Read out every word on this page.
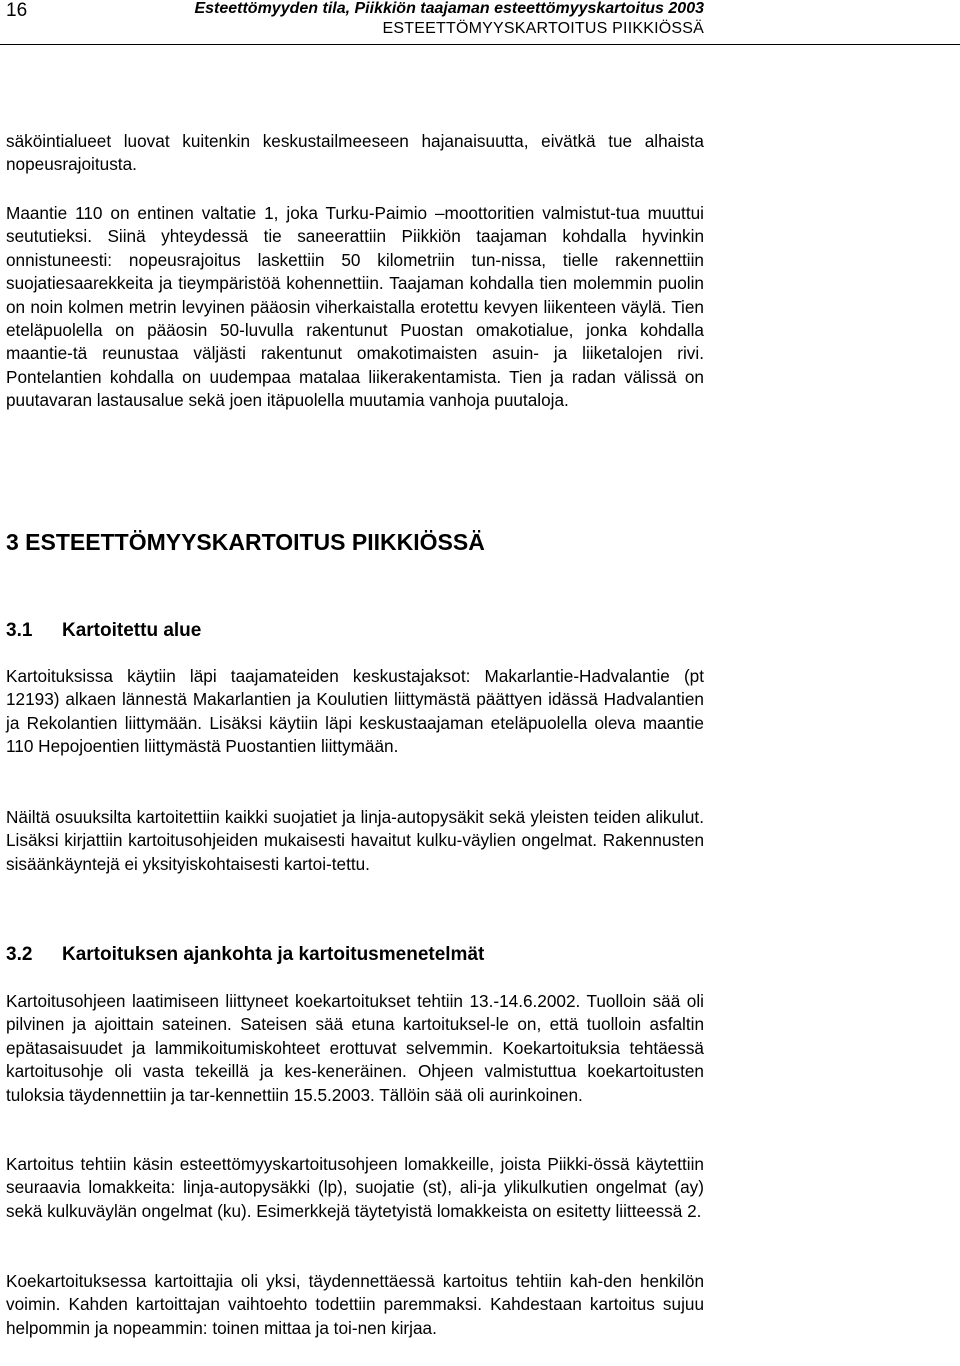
16	Esteettömyyden tila, Piikkiön taajaman esteettömyyskartoitus 2003
ESTEETTÖMYYSKARTOITUS PIIKKIÖSSÄ

säköintialueet luovat kuitenkin keskustailmeeseen hajanaisuutta, eivätkä tue alhaista nopeusrajoitusta.

Maantie 110 on entinen valtatie 1, joka Turku-Paimio –moottoritien valmistut-tua muuttui seututieksi. Siinä yhteydessä tie saneerattiin Piikkiön taajaman kohdalla hyvinkin onnistuneesti: nopeusrajoitus laskettiin 50 kilometriin tun-nissa, tielle rakennettiin suojatiesaarekkeita ja tieympäristöä kohennettiin. Taajaman kohdalla tien molemmin puolin on noin kolmen metrin levyinen pääosin viherkaistalla erotettu kevyen liikenteen väylä. Tien eteläpuolella on pääosin 50-luvulla rakentunut Puostan omakotialue, jonka kohdalla maantie-tä reunustaa väljästi rakentunut omakotimaisten asuin- ja liiketalojen rivi. Pontelantien kohdalla on uudempaa matalaa liikerakentamista. Tien ja radan välissä on puutavaran lastausalue sekä joen itäpuolella muutamia vanhoja puutaloja.

3 ESTEETTÖMYYSKARTOITUS PIIKKIÖSSÄ
3.1 Kartoitettu alue

Kartoituksissa käytiin läpi taajamateiden keskustajaksot: Makarlantie-Hadvalantie (pt 12193) alkaen lännestä Makarlantien ja Koulutien liittymästä päättyen idässä Hadvalantien ja Rekolantien liittymään. Lisäksi käytiin läpi keskustaajaman eteläpuolella oleva maantie 110 Hepojoentien liittymästä Puostantien liittymään.

Näiltä osuuksilta kartoitettiin kaikki suojatiet ja linja-autopysäkit sekä yleisten teiden alikulut. Lisäksi kirjattiin kartoitusohjeiden mukaisesti havaitut kulku-väylien ongelmat. Rakennusten sisäänkäyntejä ei yksityiskohtaisesti kartoi-tettu.

3.2 Kartoituksen ajankohta ja kartoitusmenetelmät

Kartoitusohjeen laatimiseen liittyneet koekartoitukset tehtiin 13.-14.6.2002. Tuolloin sää oli pilvinen ja ajoittain sateinen. Sateisen sää etuna kartoituksel-le on, että tuolloin asfaltin epätasaisuudet ja lammikoitumiskohteet erottuvat selvemmin. Koekartoituksia tehtäessä kartoitusohje oli vasta tekeillä ja kes-keneräinen. Ohjeen valmistuttua koekartoitusten tuloksia täydennettiin ja tar-kennettiin 15.5.2003. Tällöin sää oli aurinkoinen.

Kartoitus tehtiin käsin esteettömyyskartoitusohjeen lomakkeille, joista Piikki-össä käytettiin seuraavia lomakkeita: linja-autopysäkki (lp), suojatie (st), ali-ja ylikulkutien ongelmat (ay) sekä kulkuväylän ongelmat (ku). Esimerkkejä täytetyistä lomakkeista on esitetty liitteessä 2.

Koekartoituksessa kartoittajia oli yksi, täydennettäessä kartoitus tehtiin kah-den henkilön voimin. Kahden kartoittajan vaihtoehto todettiin paremmaksi. Kahdestaan kartoitus sujuu helpommin ja nopeammin: toinen mittaa ja toi-nen kirjaa.
